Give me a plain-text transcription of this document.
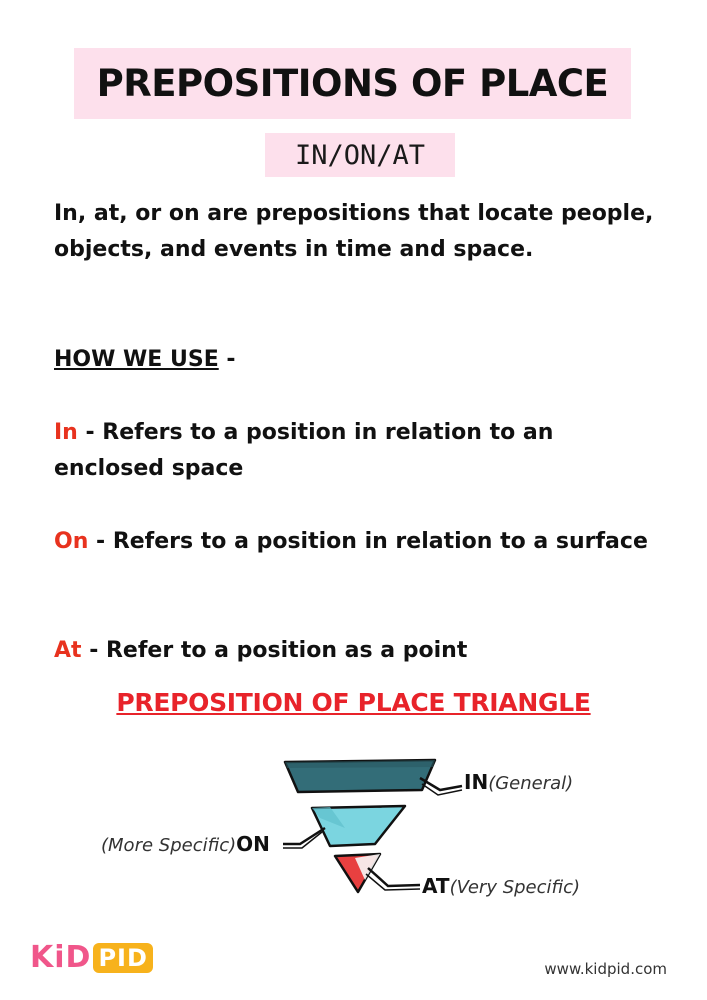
PREPOSITIONS OF PLACE
IN/ON/AT
In, at, or on are prepositions that locate people, objects, and events in time and space.
HOW WE USE -
In - Refers to a position in relation to an enclosed space
On - Refers to a position in relation to a surface
At - Refer to a position as a point
PREPOSITION OF PLACE TRIANGLE
IN(General)
(More Specific)ON
AT(Very Specific)
KiD PID	www.kidpid.com
